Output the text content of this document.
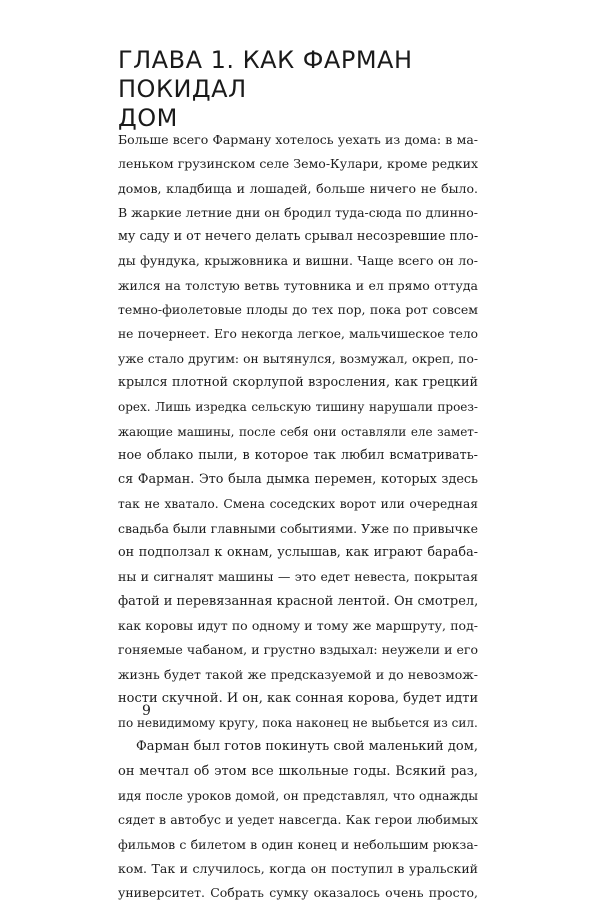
ГЛАВА 1. КАК ФАРМАН ПОКИДАЛ
ДОМ
Больше всего Фарману хотелось уехать из дома: в ма-
леньком грузинском селе Земо-Кулари, кроме редких
домов, кладбища и лошадей, больше ничего не было.
В жаркие летние дни он бродил туда-сюда по длинно-
му саду и от нечего делать срывал несозревшие пло-
ды фундука, крыжовника и вишни. Чаще всего он ло-
жился на толстую ветвь тутовника и ел прямо оттуда
темно-фиолетовые плоды до тех пор, пока рот совсем
не почернеет. Его некогда легкое, мальчишеское тело
уже стало другим: он вытянулся, возмужал, окреп, по-
крылся плотной скорлупой взросления, как грецкий
орех. Лишь изредка сельскую тишину нарушали проез-
жающие машины, после себя они оставляли еле замет-
ное облако пыли, в которое так любил всматривать-
ся Фарман. Это была дымка перемен, которых здесь
так не хватало. Смена соседских ворот или очередная
свадьба были главными событиями. Уже по привычке
он подползал к окнам, услышав, как играют бараба-
ны и сигналят машины — это едет невеста, покрытая
фатой и перевязанная красной лентой. Он смотрел,
как коровы идут по одному и тому же маршруту, под-
гоняемые чабаном, и грустно вздыхал: неужели и его
жизнь будет такой же предсказуемой и до невозмож-
ности скучной. И он, как сонная корова, будет идти
по невидимому кругу, пока наконец не выбьется из сил.
Фарман был готов покинуть свой маленький дом,
он мечтал об этом все школьные годы. Всякий раз,
идя после уроков домой, он представлял, что однажды
сядет в автобус и уедет навсегда. Как герои любимых
фильмов с билетом в один конец и небольшим рюкза-
ком. Так и случилось, когда он поступил в уральский
университет. Собрать сумку оказалось очень просто,
9
